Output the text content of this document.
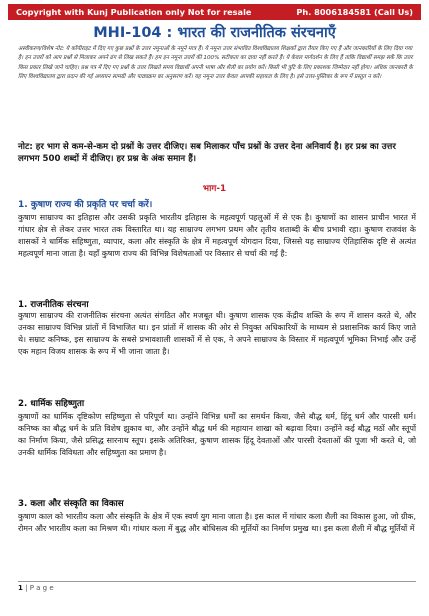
Copyright with Kunj Publication only Not for resale	Ph. 8006184581 (Call Us)
MHI-104 : भारत की राजनीतिक संरचनाएँ
अस्वीकरण/विशेष नोट: ये कॉपीराइट में दिए गए कुछ प्रश्नों के उत्तर नमूनाओं के नमूने मात्र हैं। ये नमूना उत्तर संभावित विश्वविद्यालय शिक्षकों द्वारा तैयार किए गए हैं और जानकारियों के लिए दिया गया है। इन उत्तरों को आप प्रश्नों से मिलाकर अपने ढंग से लिख सकते हैं। हम इन नमूना उत्तरों की 100% सटीकता का दावा नहीं करते हैं। ये केवल मार्गदर्शन के लिए हैं ताकि विद्यार्थी समझ सकें कि उत्तर किस प्रकार लिखे जाने चाहिए। प्रश्न पत्र में दिए गए प्रश्नों के उत्तर लिखते समय विद्यार्थी अपनी भाषा और शैली का प्रयोग करें। किसी भी त्रुटि के लिए प्रकाशक जिम्मेदार नहीं होगा। अधिक जानकारी के लिए विश्वविद्यालय द्वारा प्रदान की गई अध्ययन सामग्री और पाठ्यक्रम का अनुसरण करें। यह नमूना उत्तर केवल आपकी सहायता के लिए है। इसे उत्तर-पुस्तिका के रूप में प्रस्तुत न करें।
नोट: हर भाग से कम-से-कम दो प्रश्नों के उत्तर दीजिए। सब मिलाकर पाँच प्रश्नों के उत्तर देना अनिवार्य है। हर प्रश्न का उत्तर लगभग 500 शब्दों में दीजिए। हर प्रश्न के अंक समान हैं।
भाग-1
1. कुषाण राज्य की प्रकृति पर चर्चा करें।
कुषाण साम्राज्य का इतिहास और उसकी प्रकृति भारतीय इतिहास के महत्वपूर्ण पहलुओं में से एक है। कुषाणों का शासन प्राचीन भारत में गांधार क्षेत्र से लेकर उत्तर भारत तक विस्तारित था। यह साम्राज्य लगभग प्रथम और तृतीय शताब्दी के बीच प्रभावी रहा। कुषाण राजवंश के शासकों ने धार्मिक सहिष्णुता, व्यापार, कला और संस्कृति के क्षेत्र में महत्वपूर्ण योगदान दिया, जिससे यह साम्राज्य ऐतिहासिक दृष्टि से अत्यंत महत्वपूर्ण माना जाता है। यहाँ कुषाण राज्य की विभिन्न विशेषताओं पर विस्तार से चर्चा की गई है:
1. राजनीतिक संरचना
कुषाण साम्राज्य की राजनीतिक संरचना अत्यंत संगठित और मजबूत थी। कुषाण शासक एक केंद्रीय शक्ति के रूप में शासन करते थे, और उनका साम्राज्य विभिन्न प्रांतों में विभाजित था। इन प्रांतों में शासक की ओर से नियुक्त अधिकारियों के माध्यम से प्रशासनिक कार्य किए जाते थे। सम्राट कनिष्क, इस साम्राज्य के सबसे प्रभावशाली शासकों में से एक, ने अपने साम्राज्य के विस्तार में महत्वपूर्ण भूमिका निभाई और उन्हें एक महान विजय शासक के रूप में भी जाना जाता है।
2. धार्मिक सहिष्णुता
कुषाणों का धार्मिक दृष्टिकोण सहिष्णुता से परिपूर्ण था। उन्होंने विभिन्न धर्मों का समर्थन किया, जैसे बौद्ध धर्म, हिंदू धर्म और पारसी धर्म। कनिष्क का बौद्ध धर्म के प्रति विशेष झुकाव था, और उन्होंने बौद्ध धर्म की महायान शाखा को बढ़ावा दिया। उन्होंने कई बौद्ध मठों और स्तूपों का निर्माण किया, जैसे प्रसिद्ध सारनाथ स्तूप। इसके अतिरिक्त, कुषाण शासक हिंदू देवताओं और पारसी देवताओं की पूजा भी करते थे, जो उनकी धार्मिक विविधता और सहिष्णुता का प्रमाण है।
3. कला और संस्कृति का विकास
कुषाण काल को भारतीय कला और संस्कृति के क्षेत्र में एक स्वर्ण युग माना जाता है। इस काल में गांधार कला शैली का विकास हुआ, जो ग्रीक, रोमन और भारतीय कला का मिश्रण थी। गांधार कला में बुद्ध और बोधिसत्व की मूर्तियों का निर्माण प्रमुख था। इस कला शैली में बौद्ध मूर्तियों में
1 | P a g e
